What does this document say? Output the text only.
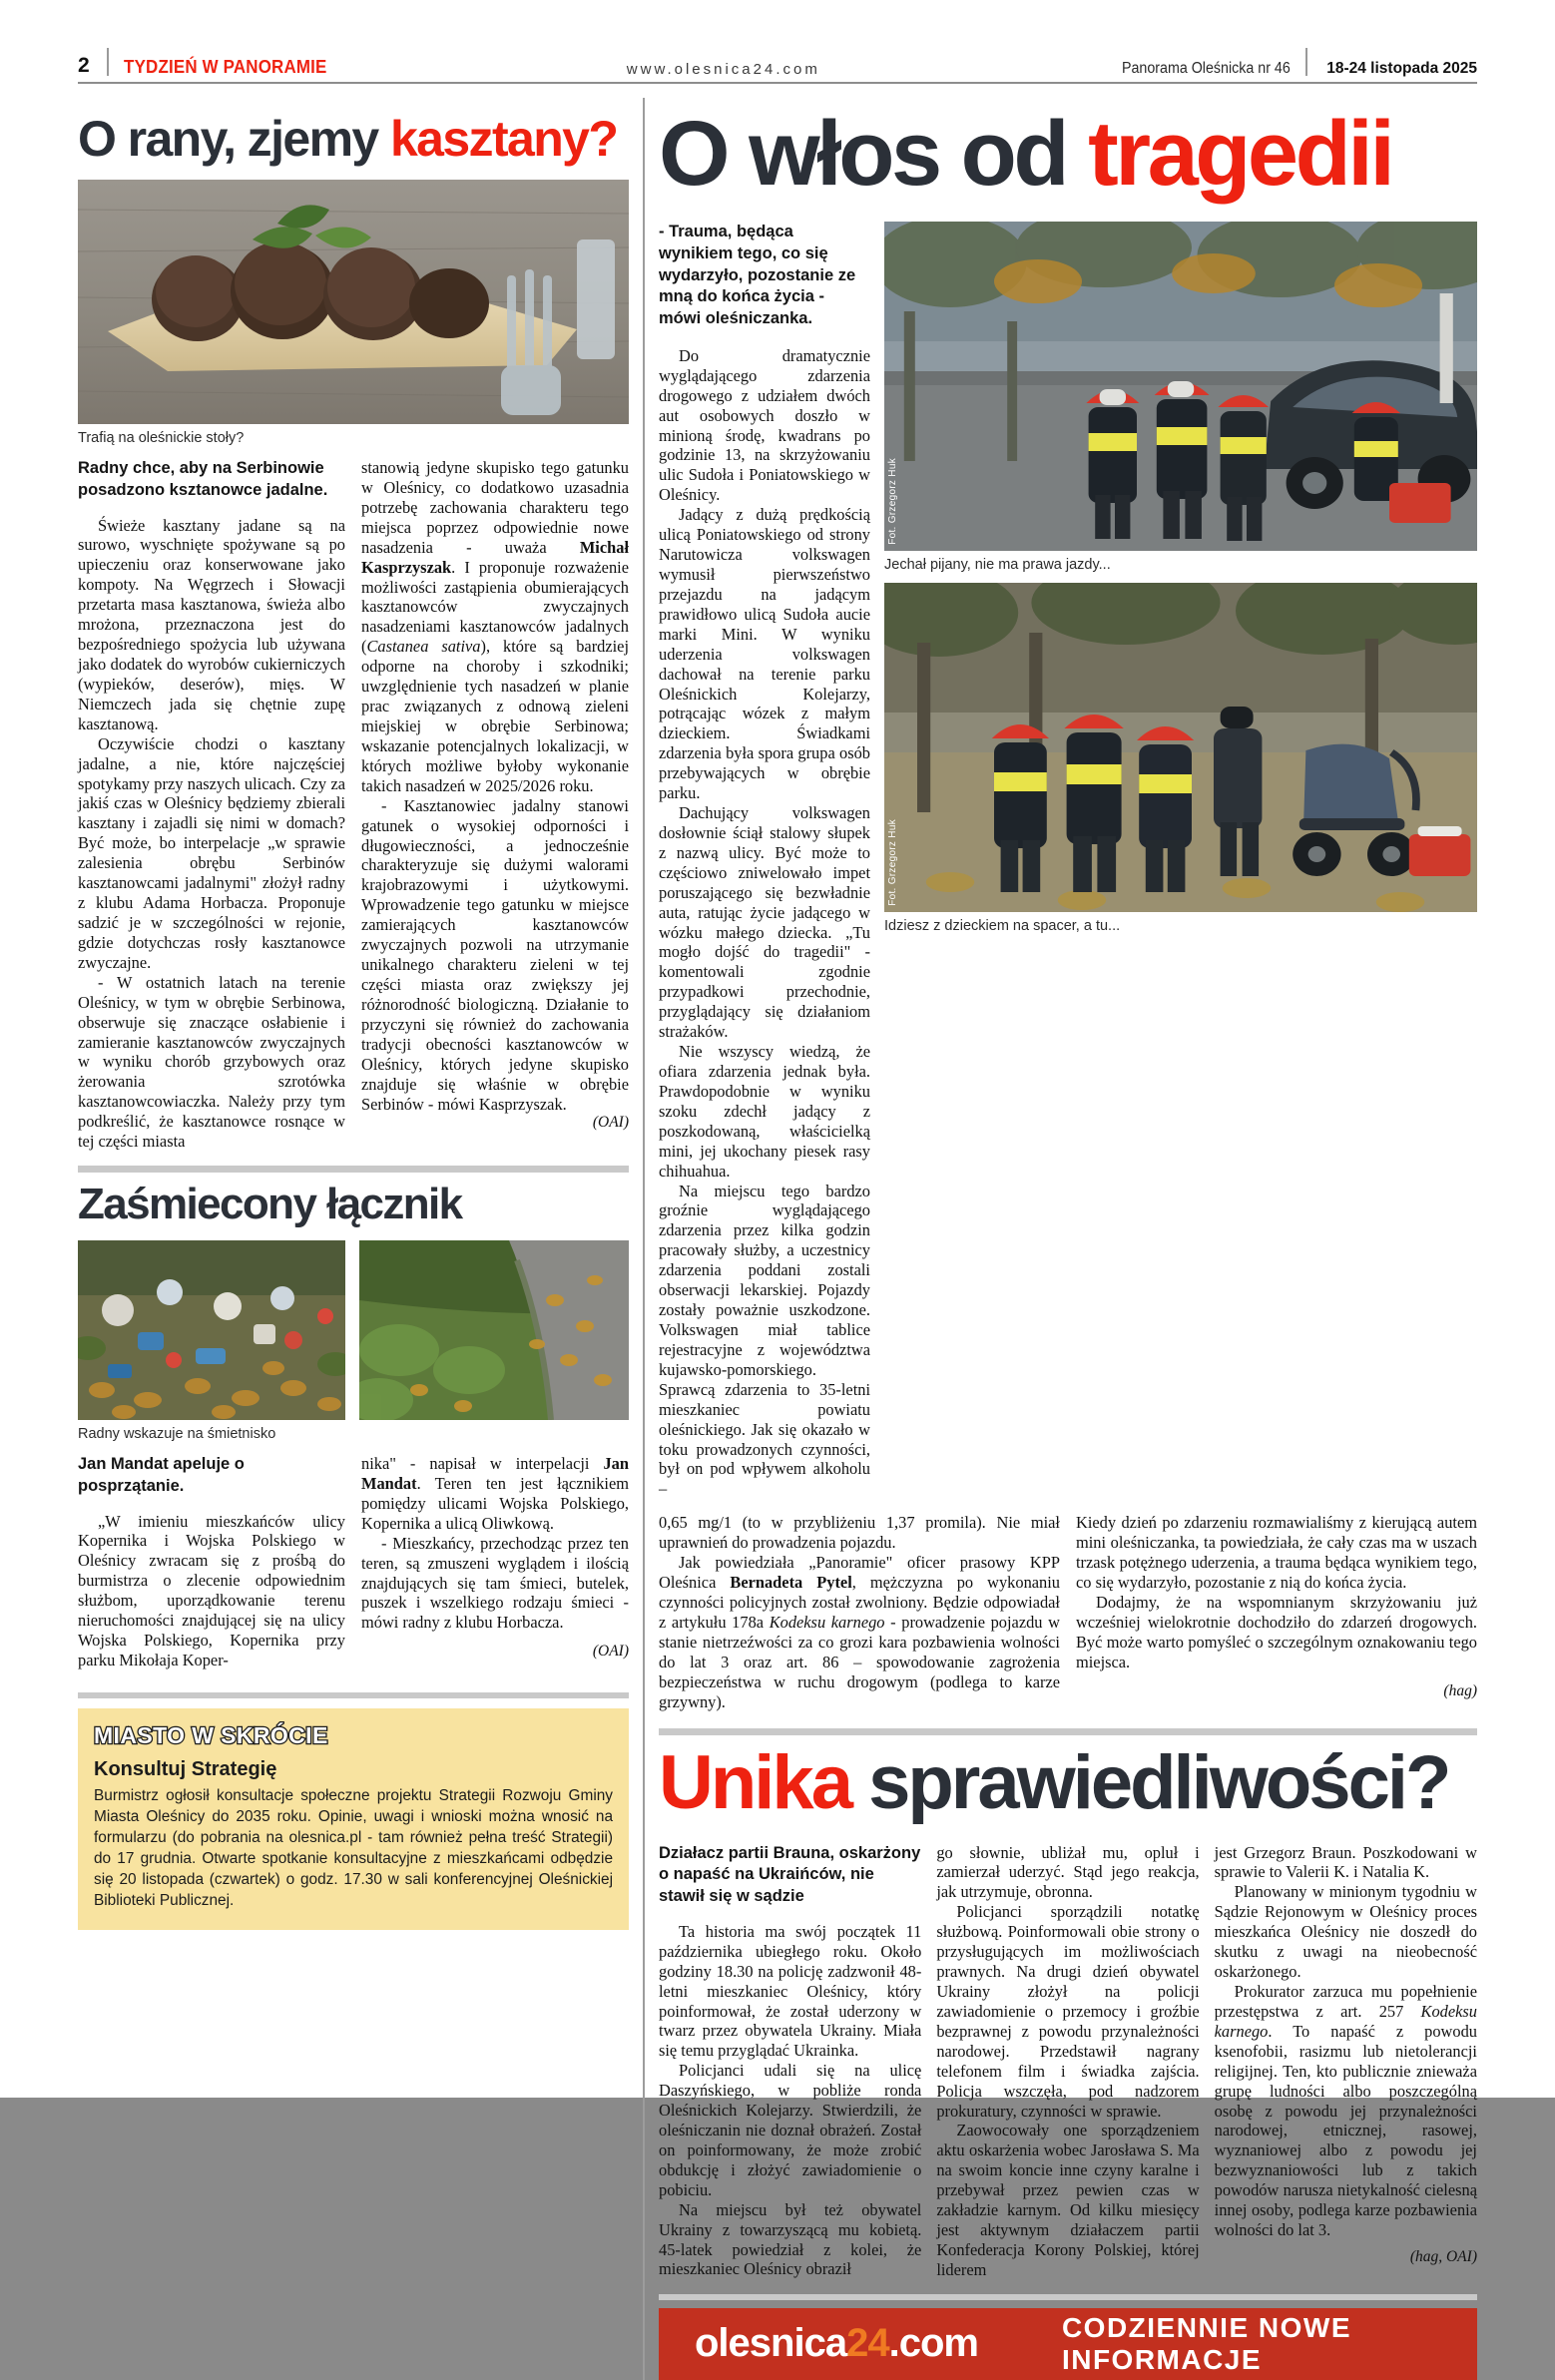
2	TYDZIEŃ W PANORAMIE	www.olesnica24.com	Panorama Oleśnicka nr 46	18-24 listopada 2025
O rany, zjemy kasztany?
Trafią na oleśnickie stoły?
Radny chce, aby na Serbinowie posadzono ksztanowce jadalne.

Świeże kasztany jadane są na surowo, wyschnięte spożywane są po upieczeniu oraz konserwowane jako kompoty. Na Węgrzech i Słowacji przetarta masa kasztanowa, świeża albo mrożona, przeznaczona jest do bezpośredniego spożycia lub używana jako dodatek do wyrobów cukierniczych (wypieków, deserów), mięs. W Niemczech jada się chętnie zupę kasztanową.

Oczywiście chodzi o kasztany jadalne, a nie, które najczęściej spotykamy przy naszych ulicach. Czy za jakiś czas w Oleśnicy będziemy zbierali kasztany i zajadli się nimi w domach? Być może, bo interpelacje „w sprawie zalesienia obrębu Serbinów kasztanowcami jadalnymi" złożył radny z klubu Adama Horbacza. Proponuje sadzić je w szczególności w rejonie, gdzie dotychczas rosły kasztanowce zwyczajne.

- W ostatnich latach na terenie Oleśnicy, w tym w obrębie Serbinowa, obserwuje się znaczące osłabienie i zamieranie kasztanowców zwyczajnych w wyniku chorób grzybowych oraz żerowania szrotówka kasztanowcowiaczka. Należy przy tym podkreślić, że kasztanowce rosnące w tej części miasta

stanowią jedyne skupisko tego gatunku w Oleśnicy, co dodatkowo uzasadnia potrzebę zachowania charakteru tego miejsca poprzez odpowiednie nowe nasadzenia - uważa Michał Kasprzyszak. I proponuje rozważenie możliwości zastąpienia obumierających kasztanowców zwyczajnych nasadzeniami kasztanowców jadalnych (Castanea sativa), które są bardziej odporne na choroby i szkodniki; uwzględnienie tych nasadzeń w planie prac związanych z odnową zieleni miejskiej w obrębie Serbinowa; wskazanie potencjalnych lokalizacji, w których możliwe byłoby wykonanie takich nasadzeń w 2025/2026 roku.

- Kasztanowiec jadalny stanowi gatunek o wysokiej odporności i długowieczności, a jednocześnie charakteryzuje się dużymi walorami krajobrazowymi i użytkowymi. Wprowadzenie tego gatunku w miejsce zamierających kasztanowców zwyczajnych pozwoli na utrzymanie unikalnego charakteru zieleni w tej części miasta oraz zwiększy jej różnorodność biologiczną. Działanie to przyczyni się również do zachowania tradycji obecności kasztanowców w Oleśnicy, których jedyne skupisko znajduje się właśnie w obrębie Serbinów - mówi Kasprzyszak.

(OAI)

Zaśmiecony łącznik
Radny wskazuje na śmietnisko
Jan Mandat apeluje o posprzątanie.

„W imieniu mieszkańców ulicy Kopernika i Wojska Polskiego w Oleśnicy zwracam się z prośbą do burmistrza o zlecenie odpowiednim służbom, uporządkowanie terenu nieruchomości znajdującej się na ulicy Wojska Polskiego, Kopernika przy parku Mikołaja Koper-

nika" - napisał w interpelacji Jan Mandat. Teren ten jest łącznikiem pomiędzy ulicami Wojska Polskiego, Kopernika a ulicą Oliwkową.

- Mieszkańcy, przechodząc przez ten teren, są zmuszeni wyglądem i ilością znajdujących się tam śmieci, butelek, puszek i wszelkiego rodzaju śmieci - mówi radny z klubu Horbacza.

(OAI)

MIASTO W SKRÓCIE
Konsultuj Strategię
Burmistrz ogłosił konsultacje społeczne projektu Strategii Rozwoju Gminy Miasta Oleśnicy do 2035 roku. Opinie, uwagi i wnioski można wnosić na formularzu (do pobrania na olesnica.pl - tam również pełna treść Strategii) do 17 grudnia. Otwarte spotkanie konsultacyjne z mieszkańcami odbędzie się 20 listopada (czwartek) o godz. 17.30 w sali konferencyjnej Oleśnickiej Biblioteki Publicznej.
O włos od tragedii
- Trauma, będąca wynikiem tego, co się wydarzyło, pozostanie ze mną do końca życia - mówi oleśniczanka.

Do dramatycznie wyglądającego zdarzenia drogowego z udziałem dwóch aut osobowych doszło w minioną środę, kwadrans po godzinie 13, na skrzyżowaniu ulic Sudoła i Poniatowskiego w Oleśnicy.

Jadący z dużą prędkością ulicą Poniatowskiego od strony Narutowicza volkswagen wymusił pierwszeństwo przejazdu na jadącym prawidłowo ulicą Sudoła aucie marki Mini. W wyniku uderzenia volkswagen dachował na terenie parku Oleśnickich Kolejarzy, potrącając wózek z małym dzieckiem. Świadkami zdarzenia była spora grupa osób przebywających w obrębie parku.

Dachujący volkswagen dosłownie ściął stalowy słupek z nazwą ulicy. Być może to częściowo zniwelowało impet poruszającego się bezwładnie auta, ratując życie jadącego w wózku małego dziecka. „Tu mogło dojść do tragedii" - komentowali zgodnie przypadkowi przechodnie, przyglądający się działaniom strażaków.

Nie wszyscy wiedzą, że ofiara zdarzenia jednak była. Prawdopodobnie w wyniku szoku zdechł jadący z poszkodowaną, właścicielką mini, jej ukochany piesek rasy chihuahua.

Na miejscu tego bardzo groźnie wyglądającego zdarzenia przez kilka godzin pracowały służby, a uczestnicy zdarzenia poddani zostali obserwacji lekarskiej. Pojazdy zostały poważnie uszkodzone. Volkswagen miał tablice rejestracyjne z województwa kujawsko-pomorskiego. Sprawcą zdarzenia to 35-letni mieszkaniec powiatu oleśnickiego. Jak się okazało w toku prowadzonych czynności, był on pod wpływem alkoholu –

Fot. Grzegorz Huk
Jechał pijany, nie ma prawa jazdy...
Fot. Grzegorz Huk
Idziesz z dzieckiem na spacer, a tu...

0,65 mg/1 (to w przybliżeniu 1,37 promila). Nie miał uprawnień do prowadzenia pojazdu.

Jak powiedziała „Panoramie" oficer prasowy KPP Oleśnica Bernadeta Pytel, mężczyzna po wykonaniu czynności policyjnych został zwolniony. Będzie odpowiadał z artykułu 178a Kodeksu karnego - prowadzenie pojazdu w stanie nietrzeźwości za co grozi kara pozbawienia wolności do lat 3 oraz art. 86 – spowodowanie zagrożenia bezpieczeństwa w ruchu drogowym (podlega to karze grzywny).

Kiedy dzień po zdarzeniu rozmawialiśmy z kierującą autem mini oleśniczanka, ta powiedziała, że cały czas ma w uszach trzask potężnego uderzenia, a trauma będąca wynikiem tego, co się wydarzyło, pozostanie z nią do końca życia.

Dodajmy, że na wspomnianym skrzyżowaniu już wcześniej wielokrotnie dochodziło do zdarzeń drogowych. Być może warto pomyśleć o szczególnym oznakowaniu tego miejsca.

(hag)

Unika sprawiedliwości?
Działacz partii Brauna, oskarżony o napaść na Ukraińców, nie stawił się w sądzie

Ta historia ma swój początek 11 października ubiegłego roku. Około godziny 18.30 na policję zadzwonił 48-letni mieszkaniec Oleśnicy, który poinformował, że został uderzony w twarz przez obywatela Ukrainy. Miała się temu przyglądać Ukrainka.

Policjanci udali się na ulicę Daszyńskiego, w pobliże ronda Oleśnickich Kolejarzy. Stwierdzili, że oleśniczanin nie doznał obrażeń. Został on poinformowany, że może zrobić obdukcję i złożyć zawiadomienie o pobiciu.

Na miejscu był też obywatel Ukrainy z towarzyszącą mu kobietą. 45-latek powiedział z kolei, że mieszkaniec Oleśnicy obraził

go słownie, ubliżał mu, opluł i zamierzał uderzyć. Stąd jego reakcja, jak utrzymuje, obronna.

Policjanci sporządzili notatkę służbową. Poinformowali obie strony o przysługujących im możliwościach prawnych. Na drugi dzień obywatel Ukrainy złożył na policji zawiadomienie o przemocy i groźbie bezprawnej z powodu przynależności narodowej. Przedstawił nagrany telefonem film i świadka zajścia. Policja wszczęła, pod nadzorem prokuratury, czynności w sprawie.

Zaowocowały one sporządzeniem aktu oskarżenia wobec Jarosława S. Ma na swoim koncie inne czyny karalne i przebywał przez pewien czas w zakładzie karnym. Od kilku miesięcy jest aktywnym działaczem partii Konfederacja Korony Polskiej, której liderem

jest Grzegorz Braun. Poszkodowani w sprawie to Valerii K. i Natalia K.

Planowany w minionym tygodniu w Sądzie Rejonowym w Oleśnicy proces mieszkańca Oleśnicy nie doszedł do skutku z uwagi na nieobecność oskarżonego.

Prokurator zarzuca mu popełnienie przestępstwa z art. 257 Kodeksu karnego. To napaść z powodu ksenofobii, rasizmu lub nietolerancji religijnej. Ten, kto publicznie znieważa grupę ludności albo poszczególną osobę z powodu jej przynależności narodowej, etnicznej, rasowej, wyznaniowej albo z powodu jej bezwyznaniowości lub z takich powodów narusza nietykalność cielesną innej osoby, podlega karze pozbawienia wolności do lat 3.

(hag, OAI)

olesnica24.com	CODZIENNIE NOWE INFORMACJE
